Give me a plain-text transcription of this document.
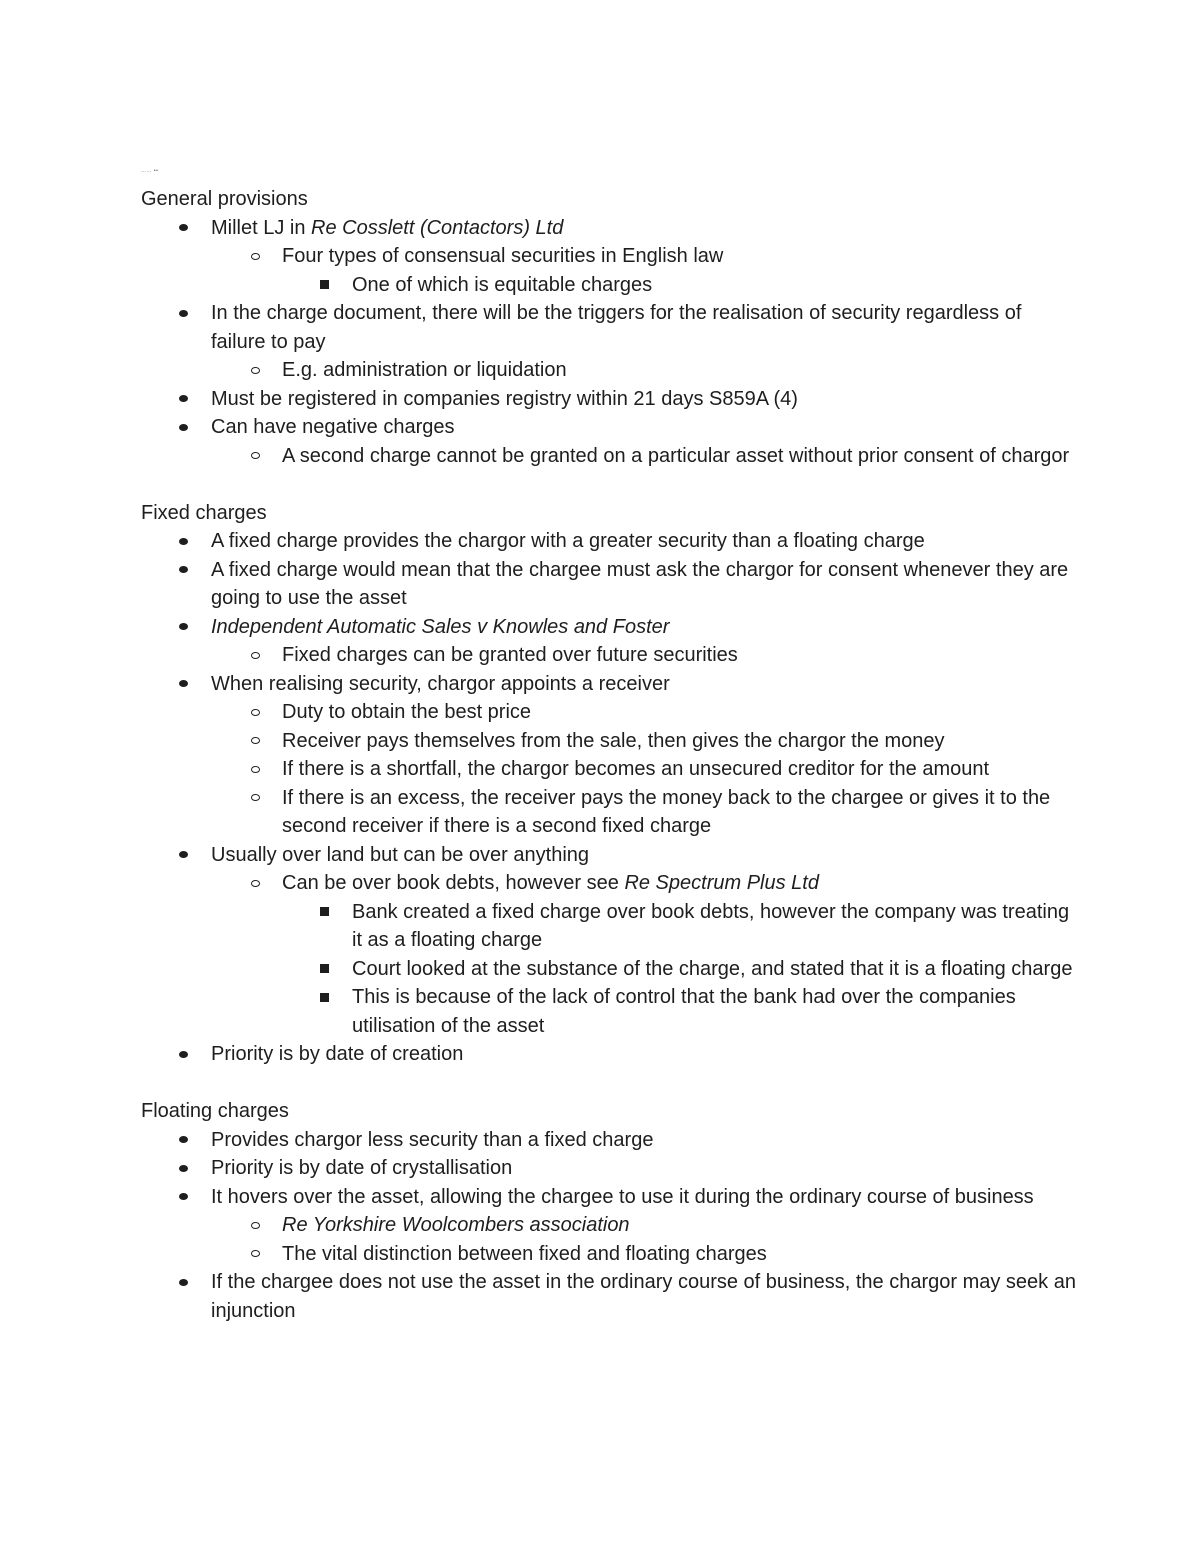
…… ••
General provisions
Millet LJ in Re Cosslett (Contactors) Ltd
Four types of consensual securities in English law
One of which is equitable charges
In the charge document, there will be the triggers for the realisation of security regardless of failure to pay
E.g. administration or liquidation
Must be registered in companies registry within 21 days S859A (4)
Can have negative charges
A second charge cannot be granted on a particular asset without prior consent of chargor
Fixed charges
A fixed charge provides the chargor with a greater security than a floating charge
A fixed charge would mean that the chargee must ask the chargor for consent whenever they are going to use the asset
Independent Automatic Sales v Knowles and Foster
Fixed charges can be granted over future securities
When realising security, chargor appoints a receiver
Duty to obtain the best price
Receiver pays themselves from the sale, then gives the chargor the money
If there is a shortfall, the chargor becomes an unsecured creditor for the amount
If there is an excess, the receiver pays the money back to the chargee or gives it to the second receiver if there is a second fixed charge
Usually over land but can be over anything
Can be over book debts, however see Re Spectrum Plus Ltd
Bank created a fixed charge over book debts, however the company was treating it as a floating charge
Court looked at the substance of the charge, and stated that it is a floating charge
This is because of the lack of control that the bank had over the companies utilisation of the asset
Priority is by date of creation
Floating charges
Provides chargor less security than a fixed charge
Priority is by date of crystallisation
It hovers over the asset, allowing the chargee to use it during the ordinary course of business
Re Yorkshire Woolcombers association
The vital distinction between fixed and floating charges
If the chargee does not use the asset in the ordinary course of business, the chargor may seek an injunction
